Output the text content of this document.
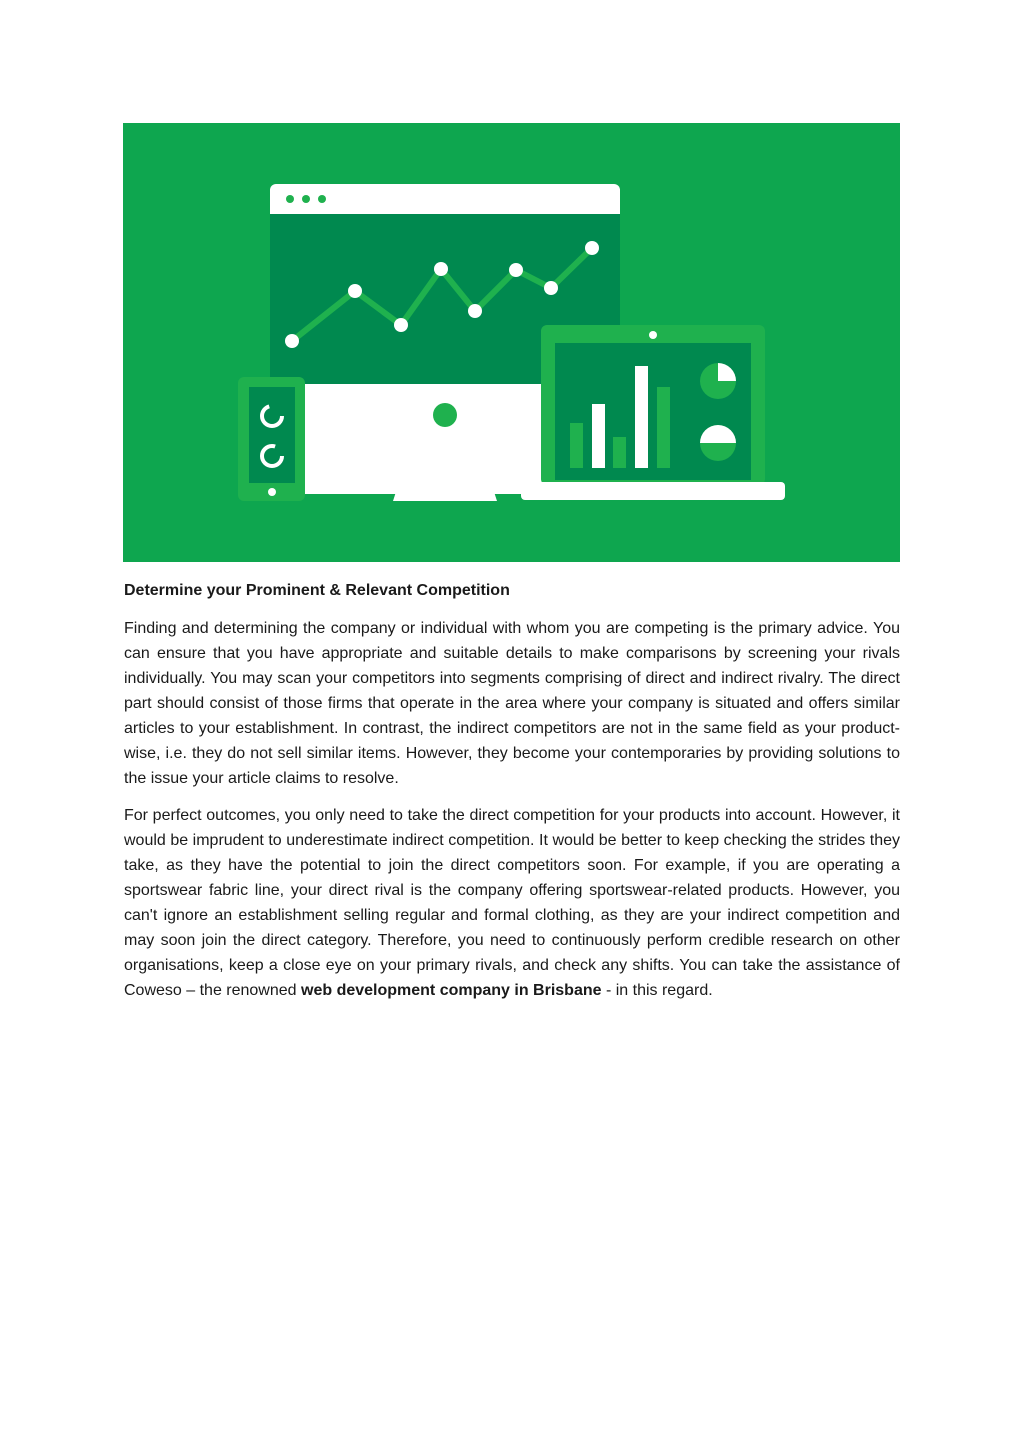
Determine your Prominent & Relevant Competition

Finding and determining the company or individual with whom you are competing is the primary advice. You can ensure that you have appropriate and suitable details to make comparisons by screening your rivals individually. You may scan your competitors into segments comprising of direct and indirect rivalry. The direct part should consist of those firms that operate in the area where your company is situated and offers similar articles to your establishment. In contrast, the indirect competitors are not in the same field as your product-wise, i.e. they do not sell similar items. However, they become your contemporaries by providing solutions to the issue your article claims to resolve.

For perfect outcomes, you only need to take the direct competition for your products into account. However, it would be imprudent to underestimate indirect competition. It would be better to keep checking the strides they take, as they have the potential to join the direct competitors soon. For example, if you are operating a sportswear fabric line, your direct rival is the company offering sportswear-related products. However, you can't ignore an establishment selling regular and formal clothing, as they are your indirect competition and may soon join the direct category. Therefore, you need to continuously perform credible research on other organisations, keep a close eye on your primary rivals, and check any shifts. You can take the assistance of Coweso – the renowned web development company in Brisbane - in this regard.
